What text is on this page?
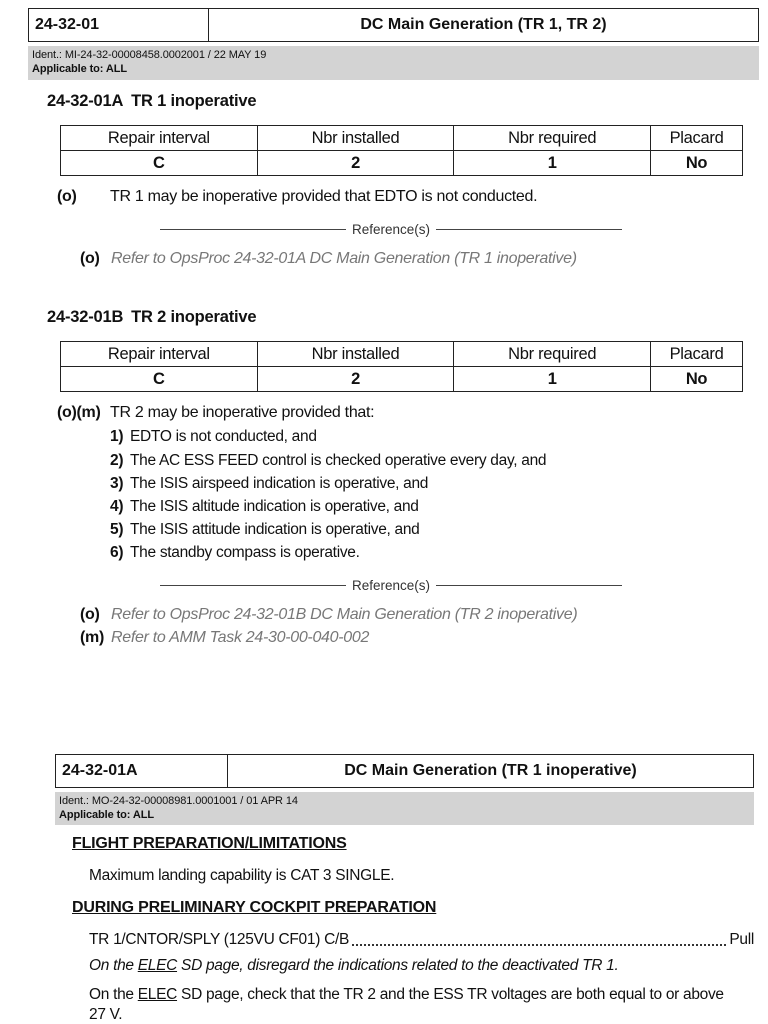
24-32-01	DC Main Generation (TR 1, TR 2)
Ident.: MI-24-32-00008458.0002001 / 22 MAY 19
Applicable to: ALL
24-32-01A TR 1 inoperative
Repair interval	Nbr installed	Nbr required	Placard
C	2	1	No
(o) TR 1 may be inoperative provided that EDTO is not conducted.
Reference(s)
(o) Refer to OpsProc 24-32-01A DC Main Generation (TR 1 inoperative)
24-32-01B TR 2 inoperative
Repair interval	Nbr installed	Nbr required	Placard
C	2	1	No
(o)(m) TR 2 may be inoperative provided that:
1) EDTO is not conducted, and
2) The AC ESS FEED control is checked operative every day, and
3) The ISIS airspeed indication is operative, and
4) The ISIS altitude indication is operative, and
5) The ISIS attitude indication is operative, and
6) The standby compass is operative.
Reference(s)
(o) Refer to OpsProc 24-32-01B DC Main Generation (TR 2 inoperative)
(m) Refer to AMM Task 24-30-00-040-002
24-32-01A	DC Main Generation (TR 1 inoperative)
Ident.: MO-24-32-00008981.0001001 / 01 APR 14
Applicable to: ALL
FLIGHT PREPARATION/LIMITATIONS
Maximum landing capability is CAT 3 SINGLE.
DURING PRELIMINARY COCKPIT PREPARATION
TR 1/CNTOR/SPLY (125VU CF01) C/B	Pull
On the ELEC SD page, disregard the indications related to the deactivated TR 1.
On the ELEC SD page, check that the TR 2 and the ESS TR voltages are both equal to or above
27 V.
